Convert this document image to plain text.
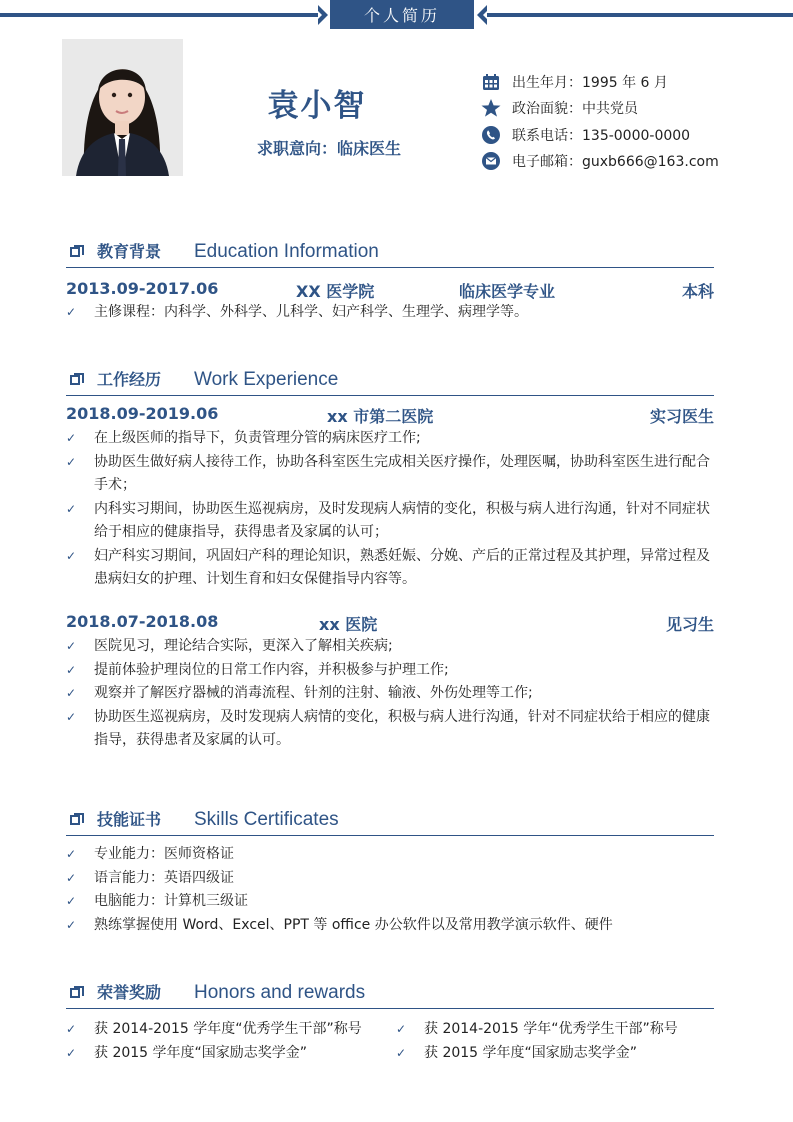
个人简历
袁小智
求职意向：临床医生
出生年月：1995 年 6 月
政治面貌：中共党员
联系电话：135-0000-0000
电子邮箱：guxb666@163.com
教育背景 Education Information
2013.09-2017.06	XX 医学院	临床医学专业	本科
✓ 主修课程：内科学、外科学、儿科学、妇产科学、生理学、病理学等。
工作经历 Work Experience
2018.09-2019.06	xx 市第二医院	实习医生
✓ 在上级医师的指导下，负责管理分管的病床医疗工作;
✓ 协助医生做好病人接待工作，协助各科室医生完成相关医疗操作，处理医嘱，协助科室医生进行配合手术；
✓ 内科实习期间，协助医生巡视病房，及时发现病人病情的变化，积极与病人进行沟通，针对不同症状给于相应的健康指导，获得患者及家属的认可；
✓ 妇产科实习期间，巩固妇产科的理论知识，熟悉妊娠、分娩、产后的正常过程及其护理，异常过程及患病妇女的护理、计划生育和妇女保健指导内容等。
2018.07-2018.08	xx 医院	见习生
✓ 医院见习，理论结合实际，更深入了解相关疾病;
✓ 提前体验护理岗位的日常工作内容，并积极参与护理工作;
✓ 观察并了解医疗器械的消毒流程、针剂的注射、输液、外伤处理等工作;
✓ 协助医生巡视病房，及时发现病人病情的变化，积极与病人进行沟通，针对不同症状给于相应的健康指导，获得患者及家属的认可。
技能证书 Skills Certificates
✓ 专业能力：医师资格证
✓ 语言能力：英语四级证
✓ 电脑能力：计算机三级证
✓ 熟练掌握使用 Word、Excel、PPT 等 office 办公软件以及常用教学演示软件、硬件
荣誉奖励 Honors and rewards
✓ 获 2014-2015 学年度“优秀学生干部”称号	✓ 获 2014-2015 学年“优秀学生干部”称号
✓ 获 2015 学年度“国家励志奖学金”	✓ 获 2015 学年度“国家励志奖学金”
